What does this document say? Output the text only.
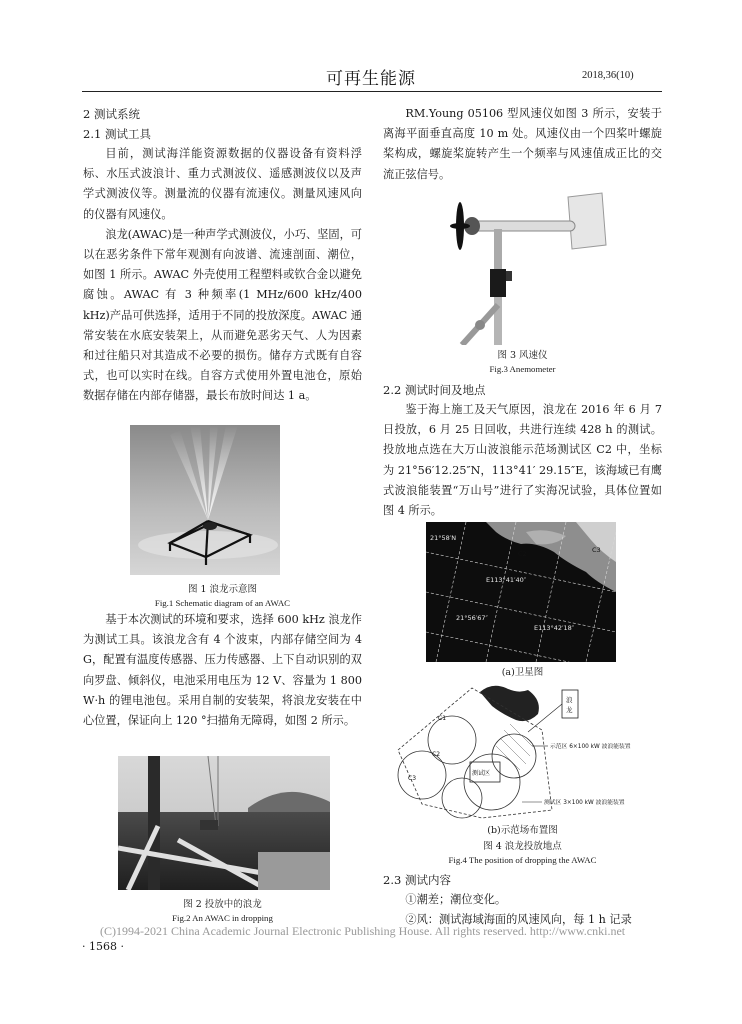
可再生能源	2018,36(10)
2 测试系统
2.1 测试工具
目前，测试海洋能资源数据的仪器设备有资料浮标、水压式波浪计、重力式测波仪、遥感测波仪以及声学式测波仪等。测量流的仪器有流速仪。测量风速风向的仪器有风速仪。
浪龙(AWAC)是一种声学式测波仪，小巧、坚固，可以在恶劣条件下常年观测有向波谱、流速剖面、潮位，如图 1 所示。AWAC 外壳使用工程塑料或钦合金以避免腐蚀。AWAC 有 3 种频率(1 MHz/600 kHz/400 kHz)产品可供选择，适用于不同的投放深度。AWAC 通常安装在水底安装架上，从而避免恶劣天气、人为因素和过往船只对其造成不必要的损伤。储存方式既有自容式，也可以实时在线。自容方式使用外置电池仓，原始数据存储在内部存储器，最长布放时间达 1 a。
图 1 浪龙示意图
Fig.1 Schematic diagram of an AWAC
基于本次测试的环境和要求，选择 600 kHz 浪龙作为测试工具。该浪龙含有 4 个波束，内部存储空间为 4 G，配置有温度传感器、压力传感器、上下自动识别的双向罗盘、倾斜仪，电池采用电压为 12 V、容量为 1 800 W·h 的锂电池包。采用自制的安装架，将浪龙安装在中心位置，保证向上 120 °扫描角无障碍，如图 2 所示。
图 2 投放中的浪龙
Fig.2 An AWAC in dropping
RM.Young 05106 型风速仪如图 3 所示，安装于离海平面垂直高度 10 m 处。风速仪由一个四桨叶螺旋桨构成，螺旋桨旋转产生一个频率与风速值成正比的交流正弦信号。
图 3 风速仪
Fig.3 Anemometer
2.2 测试时间及地点
鉴于海上施工及天气原因，浪龙在 2016 年 6 月 7 日投放，6 月 25 日回收，共进行连续 428 h 的测试。投放地点选在大万山波浪能示范场测试区 C2 中，坐标为 21°56′12.25″N，113°41′ 29.15″E，该海域已有鹰式波浪能装置“万山号”进行了实海况试验，具体位置如图 4 所示。
21°58′N
E113°41′40″
21°56′67″
E113°42′18″
C3
C2
(a)卫星图
测试区
C1
C2
C3
浪
龙
示范区 6×100 kW 波浪能装置
测试区 3×100 kW 波浪能装置
(b)示范场布置图
图 4 浪龙投放地点
Fig.4 The position of dropping the AWAC
2.3 测试内容
①潮差；潮位变化。
②风：测试海域海面的风速风向，每 1 h 记录
(C)1994-2021 China Academic Journal Electronic Publishing House. All rights reserved. http://www.cnki.net
· 1568 ·
